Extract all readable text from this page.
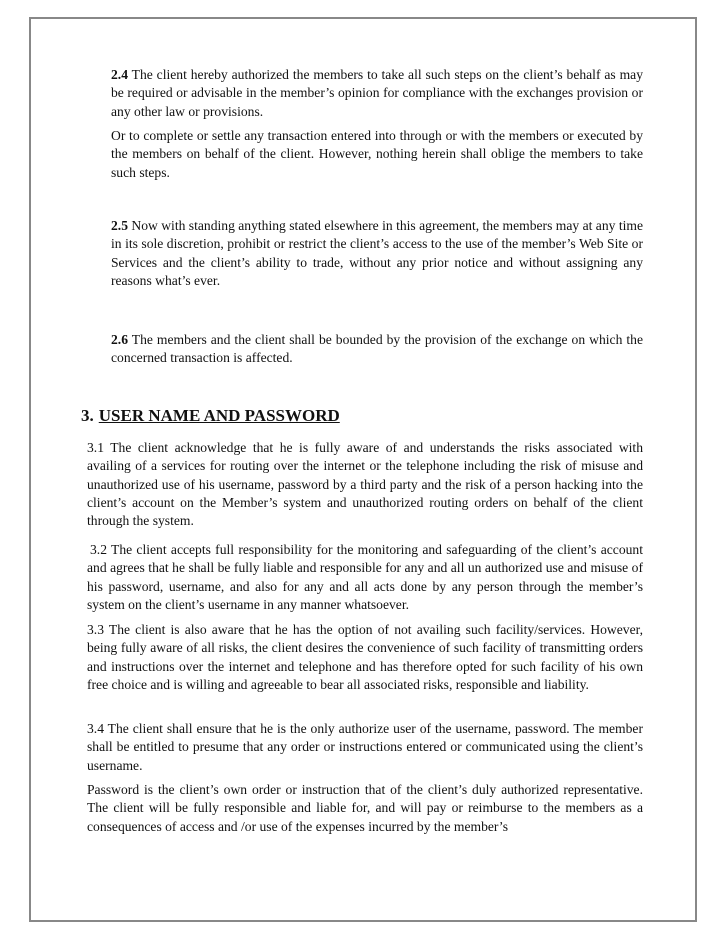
2.4 The client hereby authorized the members to take all such steps on the client’s behalf as may be required or advisable in the member’s opinion for compliance with the exchanges provision or any other law or provisions.

Or to complete or settle any transaction entered into through or with the members or executed by the members on behalf of the client. However, nothing herein shall oblige the members to take such steps.

2.5 Now with standing anything stated elsewhere in this agreement, the members may at any time in its sole discretion, prohibit or restrict the client’s access to the use of the member’s Web Site or Services and the client’s ability to trade, without any prior notice and without assigning any reasons what’s ever.

2.6 The members and the client shall be bounded by the provision of the exchange on which the concerned transaction is affected.

3. USER NAME AND PASSWORD

3.1 The client acknowledge that he is fully aware of and understands the risks associated with availing of a services for routing over the internet or the telephone including the risk of misuse and unauthorized use of his username, password by a third party and the risk of a person hacking into the client’s account on the Member’s system and unauthorized routing orders on behalf of the client through the system.

3.2 The client accepts full responsibility for the monitoring and safeguarding of the client’s account and agrees that he shall be fully liable and responsible for any and all un authorized use and misuse of his password, username, and also for any and all acts done by any person through the member’s system on the client’s username in any manner whatsoever.

3.3 The client is also aware that he has the option of not availing such facility/services. However, being fully aware of all risks, the client desires the convenience of such facility of transmitting orders and instructions over the internet and telephone and has therefore opted for such facility of his own free choice and is willing and agreeable to bear all associated risks, responsible and liability.

3.4 The client shall ensure that he is the only authorize user of the username, password. The member shall be entitled to presume that any order or instructions entered or communicated using the client’s username.

Password is the client’s own order or instruction that of the client’s duly authorized representative. The client will be fully responsible and liable for, and will pay or reimburse to the members as a consequences of access and /or use of the expenses incurred by the member’s
